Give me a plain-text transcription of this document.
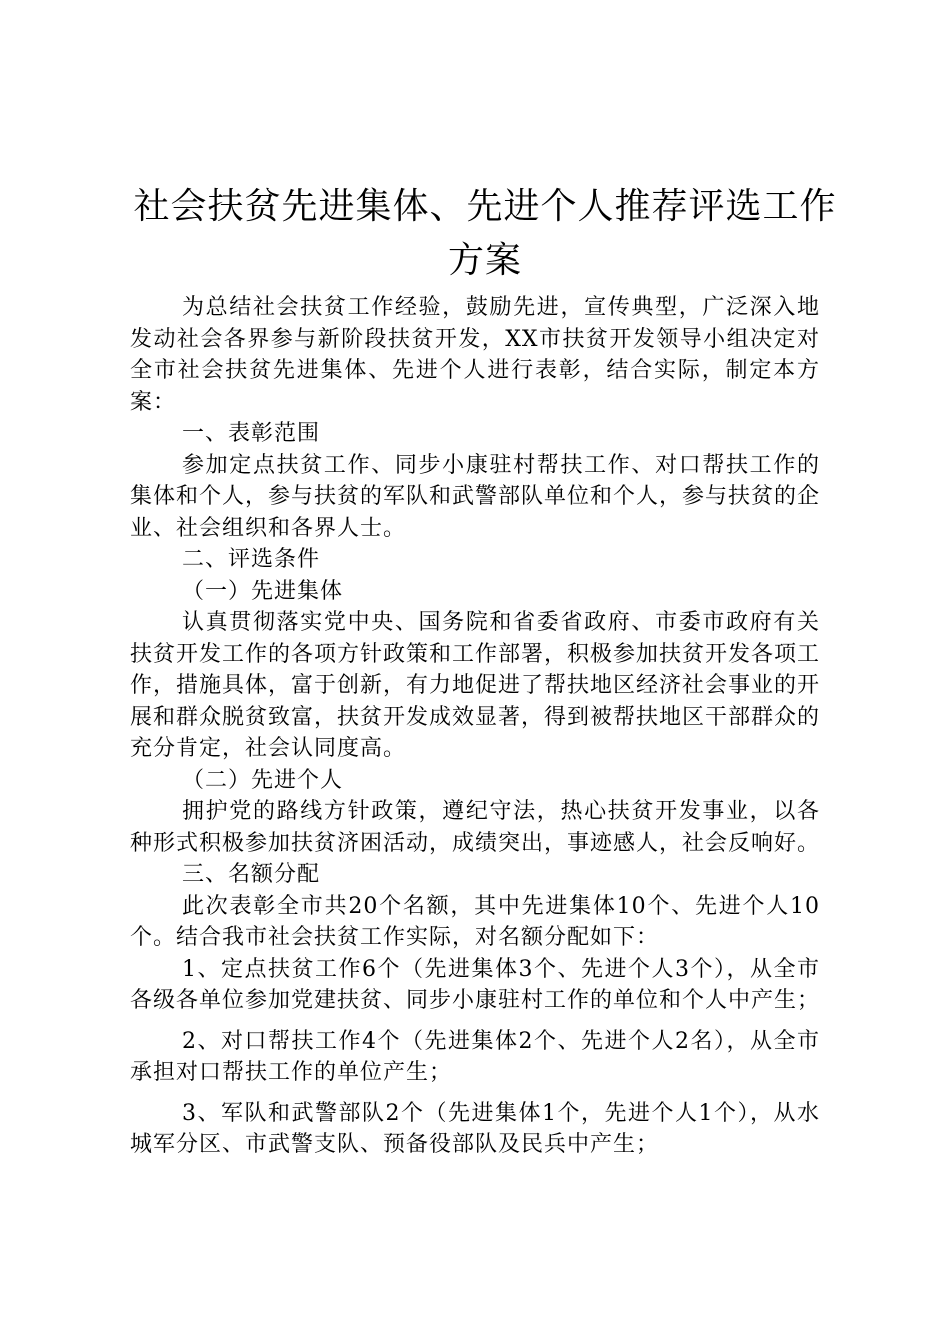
社会扶贫先进集体、先进个人推荐评选工作方案

为总结社会扶贫工作经验，鼓励先进，宣传典型，广泛深入地发动社会各界参与新阶段扶贫开发，XX市扶贫开发领导小组决定对全市社会扶贫先进集体、先进个人进行表彰，结合实际，制定本方案：

一、表彰范围

参加定点扶贫工作、同步小康驻村帮扶工作、对口帮扶工作的集体和个人，参与扶贫的军队和武警部队单位和个人，参与扶贫的企业、社会组织和各界人士。

二、评选条件

（一）先进集体

认真贯彻落实党中央、国务院和省委省政府、市委市政府有关扶贫开发工作的各项方针政策和工作部署，积极参加扶贫开发各项工作，措施具体，富于创新，有力地促进了帮扶地区经济社会事业的开展和群众脱贫致富，扶贫开发成效显著，得到被帮扶地区干部群众的充分肯定，社会认同度高。

（二）先进个人

拥护党的路线方针政策，遵纪守法，热心扶贫开发事业，以各种形式积极参加扶贫济困活动，成绩突出，事迹感人，社会反响好。

三、名额分配

此次表彰全市共20个名额，其中先进集体10个、先进个人10个。结合我市社会扶贫工作实际，对名额分配如下：

1、定点扶贫工作6个（先进集体3个、先进个人3个），从全市各级各单位参加党建扶贫、同步小康驻村工作的单位和个人中产生；

2、对口帮扶工作4个（先进集体2个、先进个人2名），从全市承担对口帮扶工作的单位产生；

3、军队和武警部队2个（先进集体1个，先进个人1个），从水城军分区、市武警支队、预备役部队及民兵中产生；
